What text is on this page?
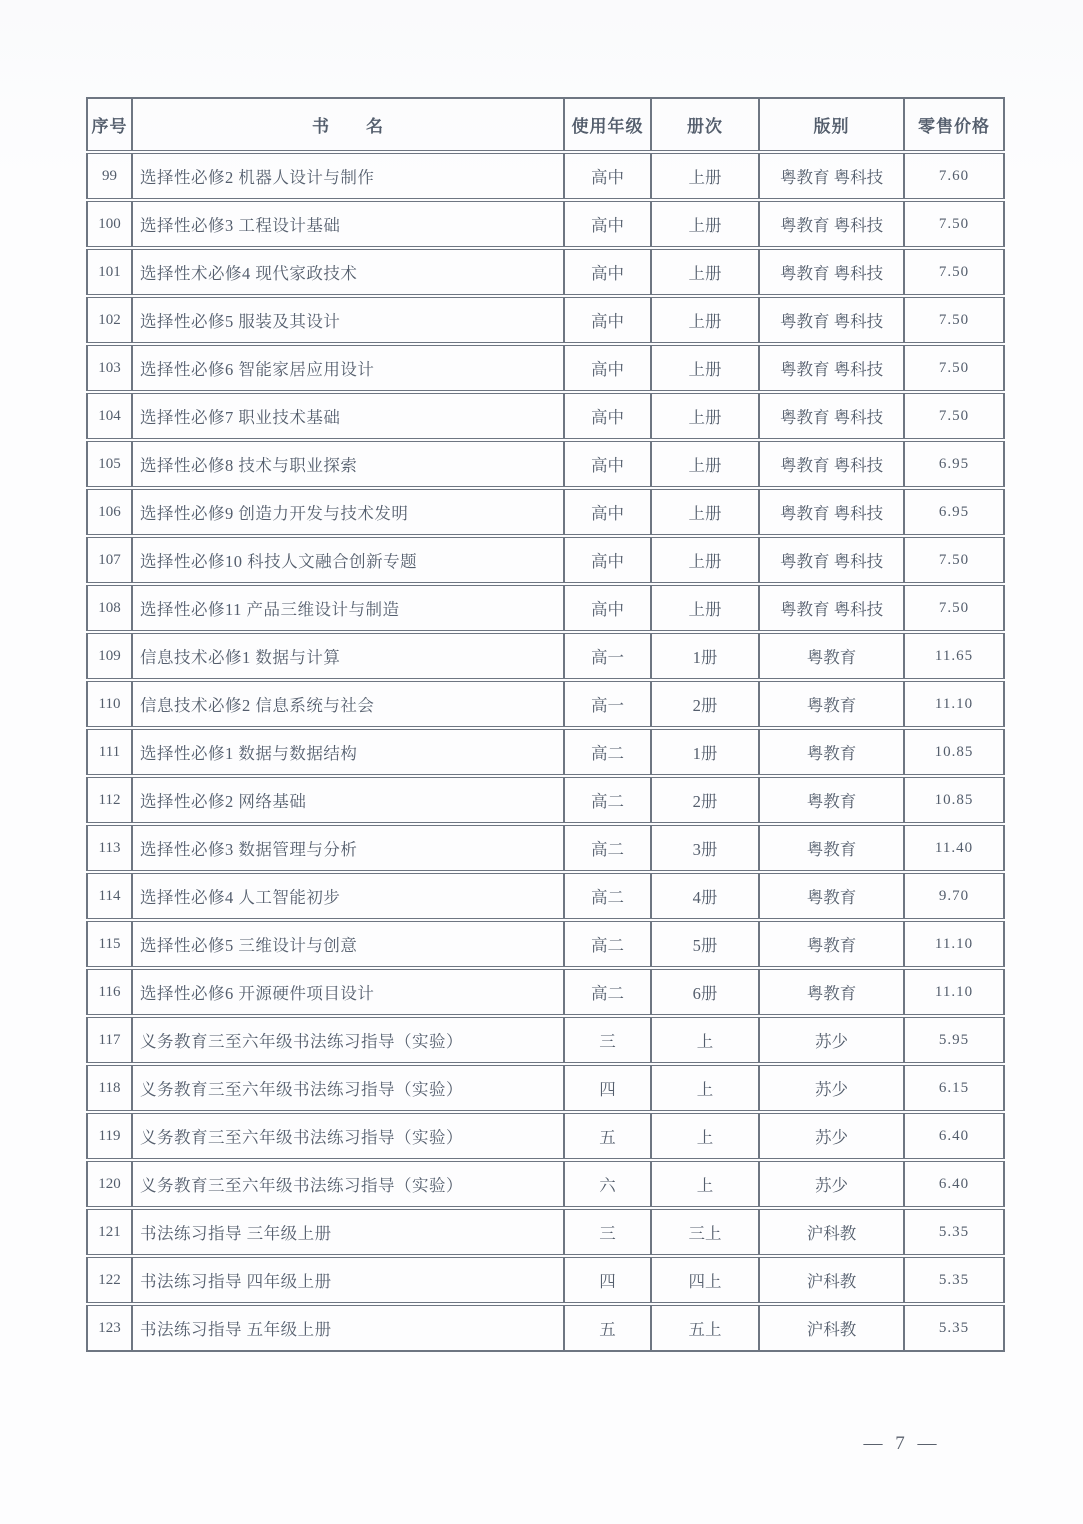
序号	书　　名	使用年级	册次	版别	零售价格
99	选择性必修2 机器人设计与制作	高中	上册	粤教育 粤科技	7.60
100	选择性必修3 工程设计基础	高中	上册	粤教育 粤科技	7.50
101	选择性术必修4 现代家政技术	高中	上册	粤教育 粤科技	7.50
102	选择性必修5 服装及其设计	高中	上册	粤教育 粤科技	7.50
103	选择性必修6 智能家居应用设计	高中	上册	粤教育 粤科技	7.50
104	选择性必修7 职业技术基础	高中	上册	粤教育 粤科技	7.50
105	选择性必修8 技术与职业探索	高中	上册	粤教育 粤科技	6.95
106	选择性必修9 创造力开发与技术发明	高中	上册	粤教育 粤科技	6.95
107	选择性必修10 科技人文融合创新专题	高中	上册	粤教育 粤科技	7.50
108	选择性必修11 产品三维设计与制造	高中	上册	粤教育 粤科技	7.50
109	信息技术必修1 数据与计算	高一	1册	粤教育	11.65
110	信息技术必修2 信息系统与社会	高一	2册	粤教育	11.10
111	选择性必修1 数据与数据结构	高二	1册	粤教育	10.85
112	选择性必修2 网络基础	高二	2册	粤教育	10.85
113	选择性必修3 数据管理与分析	高二	3册	粤教育	11.40
114	选择性必修4 人工智能初步	高二	4册	粤教育	9.70
115	选择性必修5 三维设计与创意	高二	5册	粤教育	11.10
116	选择性必修6 开源硬件项目设计	高二	6册	粤教育	11.10
117	义务教育三至六年级书法练习指导（实验）	三	上	苏少	5.95
118	义务教育三至六年级书法练习指导（实验）	四	上	苏少	6.15
119	义务教育三至六年级书法练习指导（实验）	五	上	苏少	6.40
120	义务教育三至六年级书法练习指导（实验）	六	上	苏少	6.40
121	书法练习指导 三年级上册	三	三上	沪科教	5.35
122	书法练习指导 四年级上册	四	四上	沪科教	5.35
123	书法练习指导 五年级上册	五	五上	沪科教	5.35
— 7 —
